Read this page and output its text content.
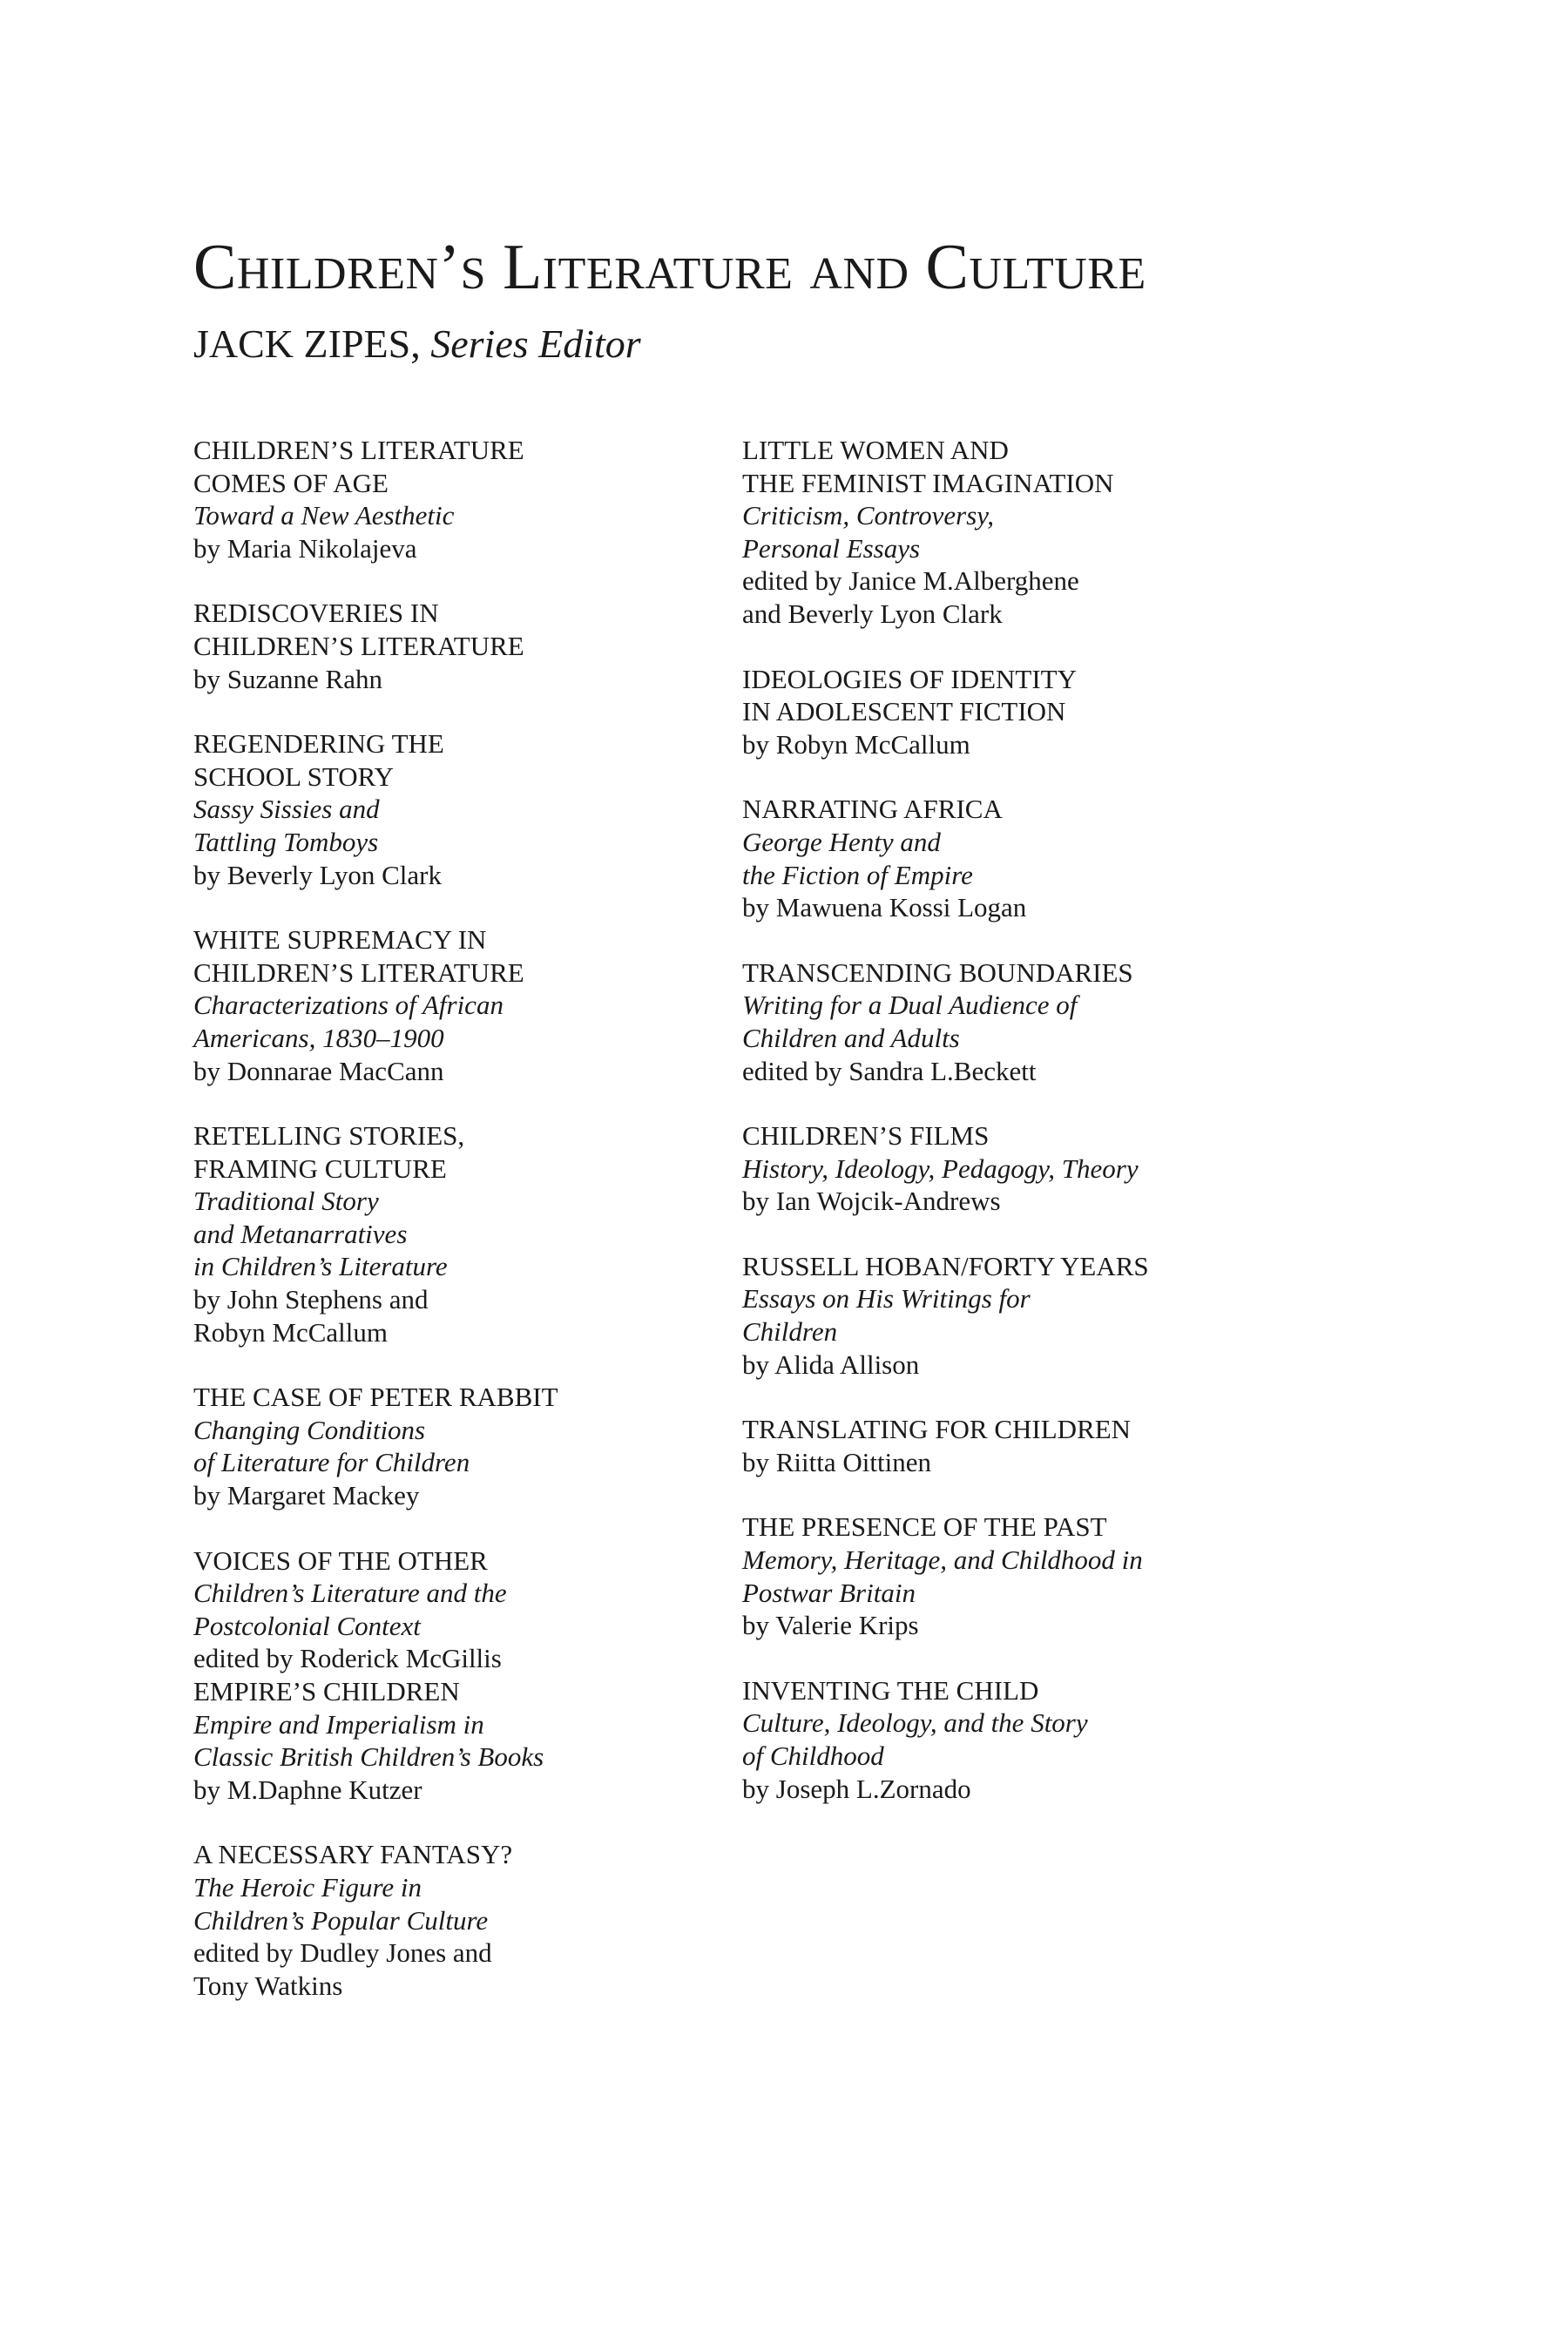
Children’s Literature and Culture
JACK ZIPES, Series Editor
CHILDREN’S LITERATURE
COMES OF AGE
Toward a New Aesthetic
by Maria Nikolajeva
REDISCOVERIES IN
CHILDREN’S LITERATURE
by Suzanne Rahn
REGENDERING THE
SCHOOL STORY
Sassy Sissies and
Tattling Tomboys
by Beverly Lyon Clark
WHITE SUPREMACY IN
CHILDREN’S LITERATURE
Characterizations of African
Americans, 1830–1900
by Donnarae MacCann
RETELLING STORIES,
FRAMING CULTURE
Traditional Story
and Metanarratives
in Children’s Literature
by John Stephens and
Robyn McCallum
THE CASE OF PETER RABBIT
Changing Conditions
of Literature for Children
by Margaret Mackey
VOICES OF THE OTHER
Children’s Literature and the
Postcolonial Context
edited by Roderick McGillis
EMPIRE’S CHILDREN
Empire and Imperialism in
Classic British Children’s Books
by M.Daphne Kutzer
A NECESSARY FANTASY?
The Heroic Figure in
Children’s Popular Culture
edited by Dudley Jones and
Tony Watkins
LITTLE WOMEN AND
THE FEMINIST IMAGINATION
Criticism, Controversy,
Personal Essays
edited by Janice M.Alberghene
and Beverly Lyon Clark
IDEOLOGIES OF IDENTITY
IN ADOLESCENT FICTION
by Robyn McCallum
NARRATING AFRICA
George Henty and
the Fiction of Empire
by Mawuena Kossi Logan
TRANSCENDING BOUNDARIES
Writing for a Dual Audience of
Children and Adults
edited by Sandra L.Beckett
CHILDREN’S FILMS
History, Ideology, Pedagogy, Theory
by Ian Wojcik-Andrews
RUSSELL HOBAN/FORTY YEARS
Essays on His Writings for
Children
by Alida Allison
TRANSLATING FOR CHILDREN
by Riitta Oittinen
THE PRESENCE OF THE PAST
Memory, Heritage, and Childhood in
Postwar Britain
by Valerie Krips
INVENTING THE CHILD
Culture, Ideology, and the Story
of Childhood
by Joseph L.Zornado
